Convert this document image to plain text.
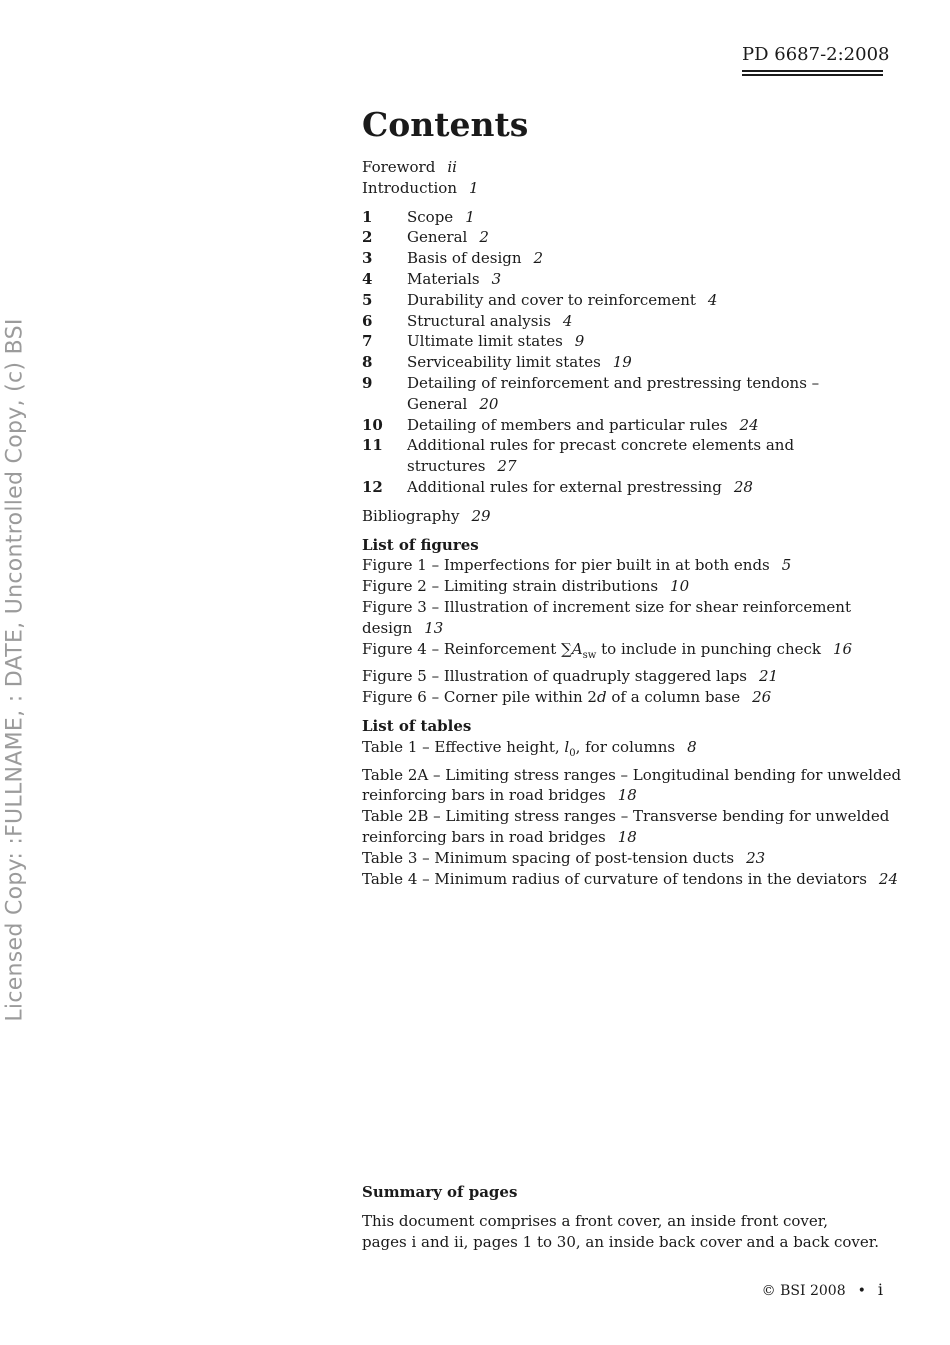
PD 6687-2:2008
Licensed Copy: :FULLNAME, : DATE, Uncontrolled Copy, (c) BSI
Contents
Foreword ii
Introduction 1
1	Scope 1
2	General 2
3	Basis of design 2
4	Materials 3
5	Durability and cover to reinforcement 4
6	Structural analysis 4
7	Ultimate limit states 9
8	Serviceability limit states 19
9	Detailing of reinforcement and prestressing tendons –
General 20
10	Detailing of members and particular rules 24
11	Additional rules for precast concrete elements and
structures 27
12	Additional rules for external prestressing 28
Bibliography 29
List of figures
Figure 1 – Imperfections for pier built in at both ends 5
Figure 2 – Limiting strain distributions 10
Figure 3 – Illustration of increment size for shear reinforcement
design 13
Figure 4 – Reinforcement $\sum A_{sw}$ to include in punching check 16
Figure 5 – Illustration of quadruply staggered laps 21
Figure 6 – Corner pile within 2d of a column base 26
List of tables
Table 1 – Effective height, $l_0$, for columns 8
Table 2A – Limiting stress ranges – Longitudinal bending for unwelded
reinforcing bars in road bridges 18
Table 2B – Limiting stress ranges – Transverse bending for unwelded
reinforcing bars in road bridges 18
Table 3 – Minimum spacing of post-tension ducts 23
Table 4 – Minimum radius of curvature of tendons in the deviators 24
Summary of pages
This document comprises a front cover, an inside front cover,
pages i and ii, pages 1 to 30, an inside back cover and a back cover.
© BSI 2008 • i
